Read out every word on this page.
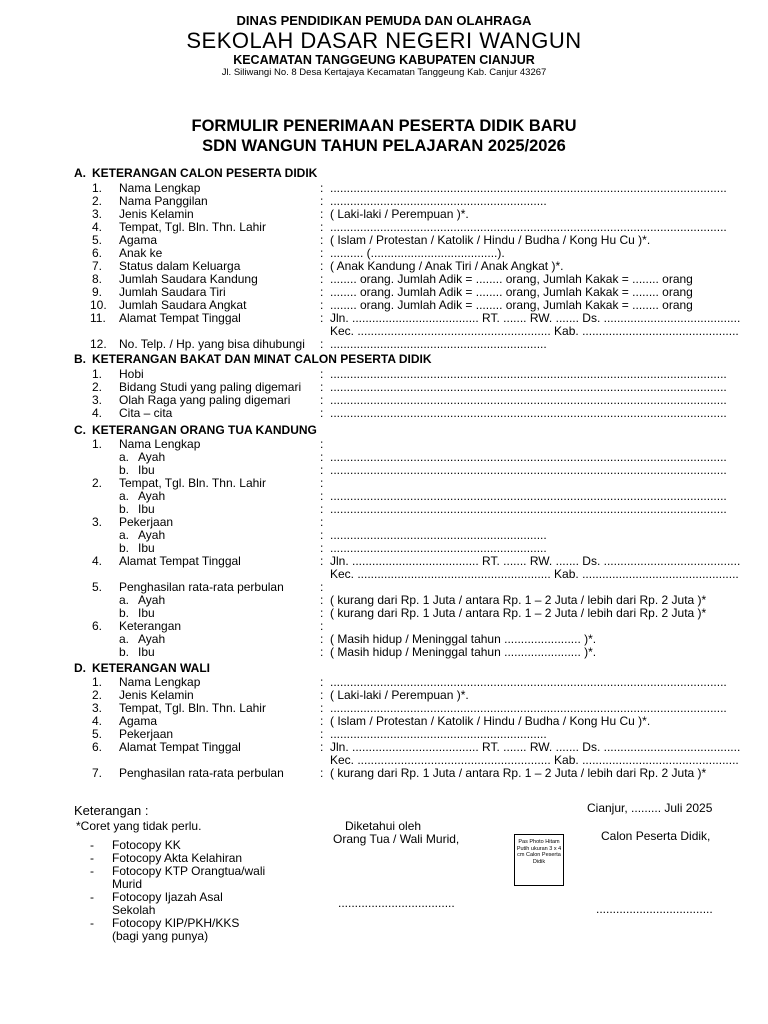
DINAS PENDIDIKAN PEMUDA DAN OLAHRAGA
SEKOLAH DASAR NEGERI WANGUN
KECAMATAN TANGGEUNG KABUPATEN CIANJUR
Jl. Siliwangi No. 8 Desa Kertajaya Kecamatan Tanggeung Kab. Canjur 43267
FORMULIR PENERIMAAN PESERTA DIDIK BARU
SDN WANGUN TAHUN PELAJARAN 2025/2026
A. KETERANGAN CALON PESERTA DIDIK
1. Nama Lengkap	: .......................................................................................................................
2. Nama Panggilan	: .................................................................
3. Jenis Kelamin	: ( Laki-laki / Perempuan )*.
4. Tempat, Tgl. Bln. Thn. Lahir	: .......................................................................................................................
5. Agama	: ( Islam / Protestan / Katolik / Hindu / Budha / Kong Hu Cu )*.
6. Anak ke	: .......... (......................................).
7. Status dalam Keluarga	: ( Anak Kandung / Anak Tiri / Anak Angkat )*.
8. Jumlah Saudara Kandung	: ........ orang. Jumlah Adik = ........ orang, Jumlah Kakak = ........ orang
9. Jumlah Saudara Tiri	: ........ orang. Jumlah Adik = ........ orang, Jumlah Kakak = ........ orang
10. Jumlah Saudara Angkat	: ........ orang. Jumlah Adik = ........ orang, Jumlah Kakak = ........ orang
11. Alamat Tempat Tinggal	: Jln. ...................................... RT. ....... RW. ....... Ds. .........................................
Kec. .......................................................... Kab. ...............................................
12. No. Telp. / Hp. yang bisa dihubungi : .................................................................
B. KETERANGAN BAKAT DAN MINAT CALON PESERTA DIDIK
1. Hobi	: .......................................................................................................................
2. Bidang Studi yang paling digemari : .......................................................................................................................
3. Olah Raga yang paling digemari : .......................................................................................................................
4. Cita – cita	: .......................................................................................................................
C. KETERANGAN ORANG TUA KANDUNG
1. Nama Lengkap	:
a. Ayah	: .......................................................................................................................
b. Ibu	: .......................................................................................................................
2. Tempat, Tgl. Bln. Thn. Lahir	:
a. Ayah	: .......................................................................................................................
b. Ibu	: .......................................................................................................................
3. Pekerjaan	:
a. Ayah	: .................................................................
b. Ibu	: .................................................................
4. Alamat Tempat Tinggal	: Jln. ...................................... RT. ....... RW. ....... Ds. .........................................
Kec. .......................................................... Kab. ...............................................
5. Penghasilan rata-rata perbulan	:
a. Ayah	: ( kurang dari Rp. 1 Juta / antara Rp. 1 – 2 Juta / lebih dari Rp. 2 Juta )*
b. Ibu	: ( kurang dari Rp. 1 Juta / antara Rp. 1 – 2 Juta / lebih dari Rp. 2 Juta )*
6. Keterangan	:
a. Ayah	: ( Masih hidup / Meninggal tahun ....................... )*.
b. Ibu	: ( Masih hidup / Meninggal tahun ....................... )*.
D. KETERANGAN WALI
1. Nama Lengkap	: .......................................................................................................................
2. Jenis Kelamin	: ( Laki-laki / Perempuan )*.
3. Tempat, Tgl. Bln. Thn. Lahir	: .......................................................................................................................
4. Agama	: ( Islam / Protestan / Katolik / Hindu / Budha / Kong Hu Cu )*.
5. Pekerjaan	: .................................................................
6. Alamat Tempat Tinggal	: Jln. ...................................... RT. ....... RW. ....... Ds. .........................................
Kec. .......................................................... Kab. ...............................................
7. Penghasilan rata-rata perbulan	: ( kurang dari Rp. 1 Juta / antara Rp. 1 – 2 Juta / lebih dari Rp. 2 Juta )*
Keterangan :
*Coret yang tidak perlu.
- Fotocopy KK
- Fotocopy Akta Kelahiran
- Fotocopy KTP Orangtua/wali
Murid
- Fotocopy Ijazah Asal
Sekolah
- Fotocopy KIP/PKH/KKS
(bagi yang punya)
Diketahui oleh
Orang Tua / Wali Murid,	Pas Photo Hitam Putih ukuran 3 x 4 cm Calon Peserta Didik
Cianjur, ......... Juli 2025
Calon Peserta Didik,
...................................	...................................
